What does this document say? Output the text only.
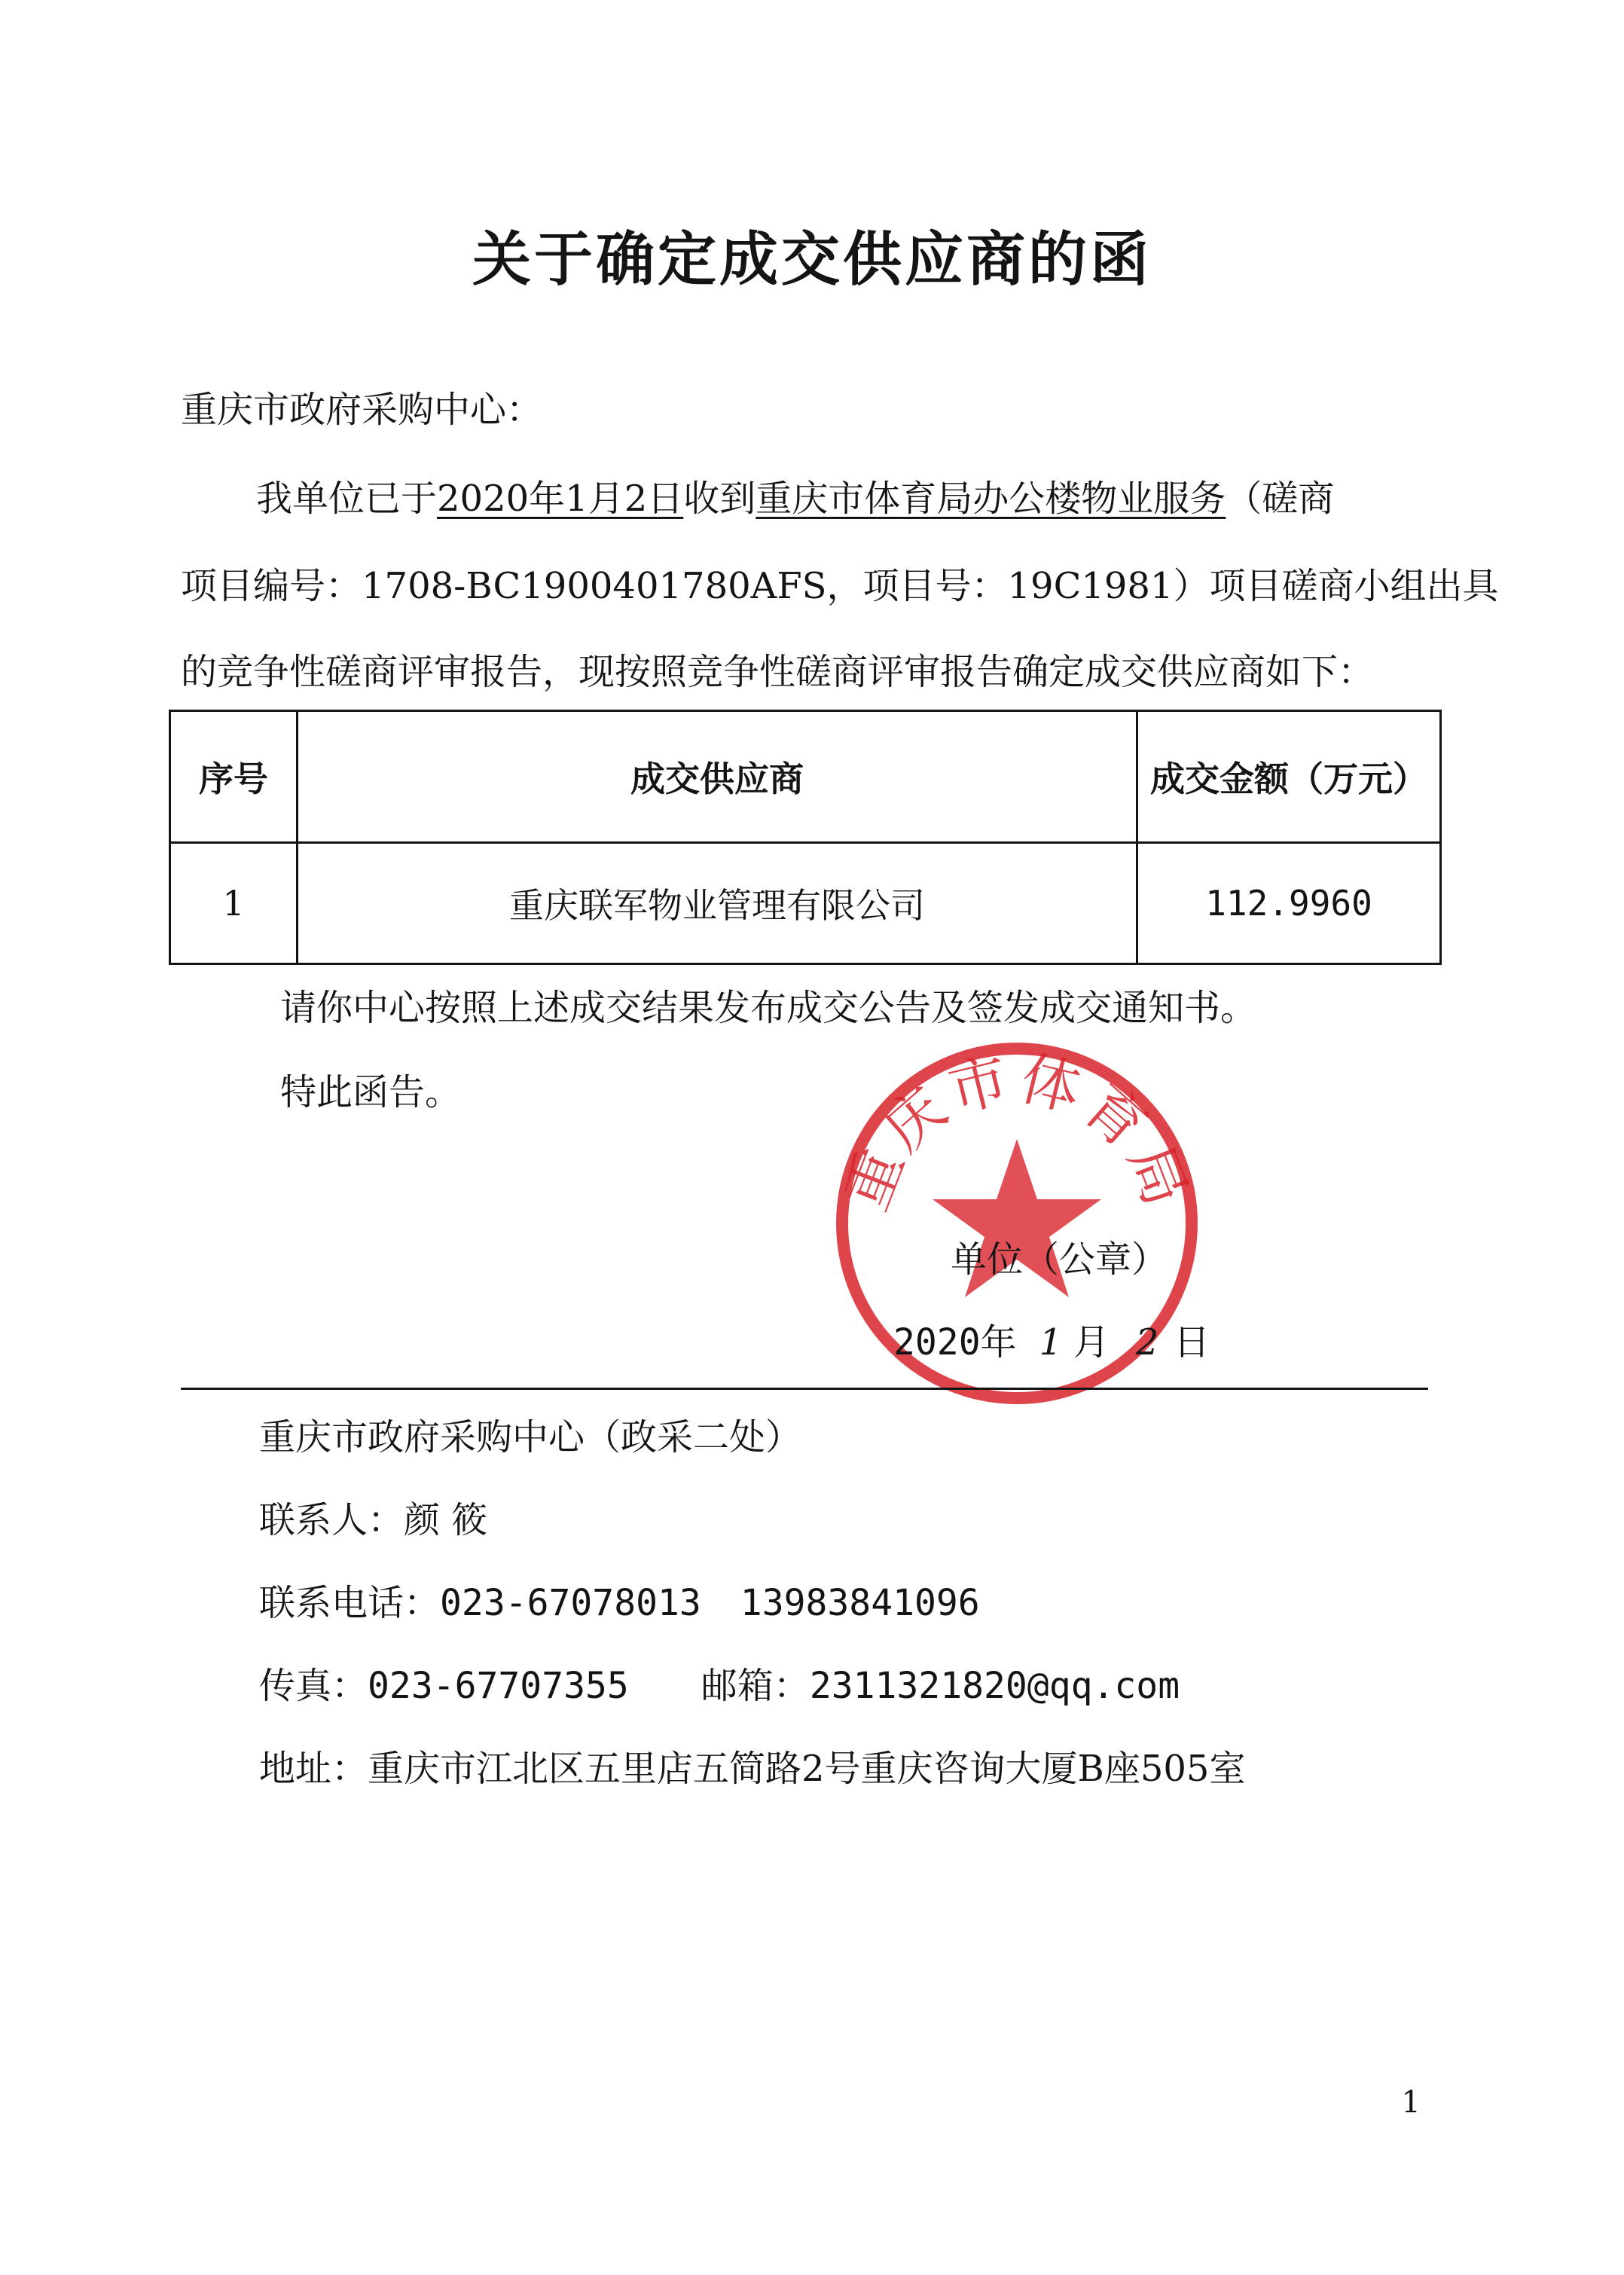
关于确定成交供应商的函
重庆市政府采购中心：
我单位已于2020年1月2日收到重庆市体育局办公楼物业服务（磋商
项目编号：1708-BC1900401780AFS，项目号：19C1981）项目磋商小组出具
的竞争性磋商评审报告，现按照竞争性磋商评审报告确定成交供应商如下：
序号	成交供应商	成交金额（万元）
1	重庆联军物业管理有限公司	112.9960
请你中心按照上述成交结果发布成交公告及签发成交通知书。
特此函告。
重庆市体育局
单位（公章）
2020年 1 月 2 日
重庆市政府采购中心（政采二处）
联系人：颜 筱
联系电话：023-67078013 13983841096
传真：023-67707355 邮箱：2311321820@qq.com
地址：重庆市江北区五里店五简路2号重庆咨询大厦B座505室
1
